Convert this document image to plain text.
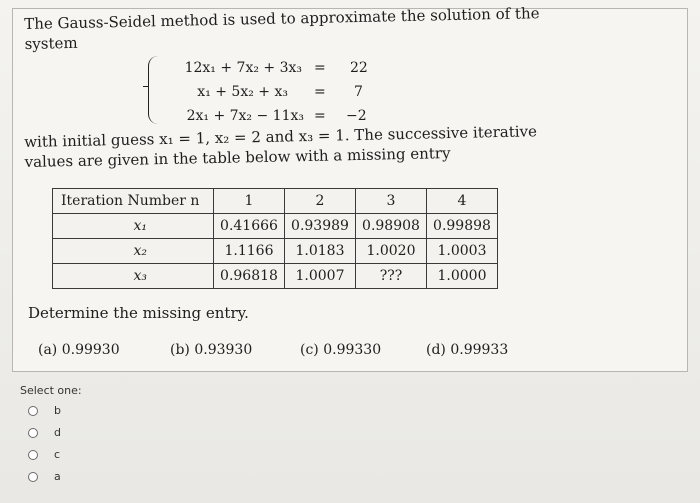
The Gauss-Seidel method is used to approximate the solution of the
system
12x₁ + 7x₂ + 3x₃ = 22
x₁ + 5x₂ + x₃ = 7
2x₁ + 7x₂ − 11x₃ = −2
with initial guess x₁ = 1, x₂ = 2 and x₃ = 1. The successive iterative
values are given in the table below with a missing entry
Iteration Number n	1	2	3	4
x₁	0.41666	0.93989	0.98908	0.99898
x₂	1.1166	1.0183	1.0020	1.0003
x₃	0.96818	1.0007	???	1.0000
Determine the missing entry.
(a) 0.99930	(b) 0.93930	(c) 0.99330	(d) 0.99933
Select one:
b
d
c
a
